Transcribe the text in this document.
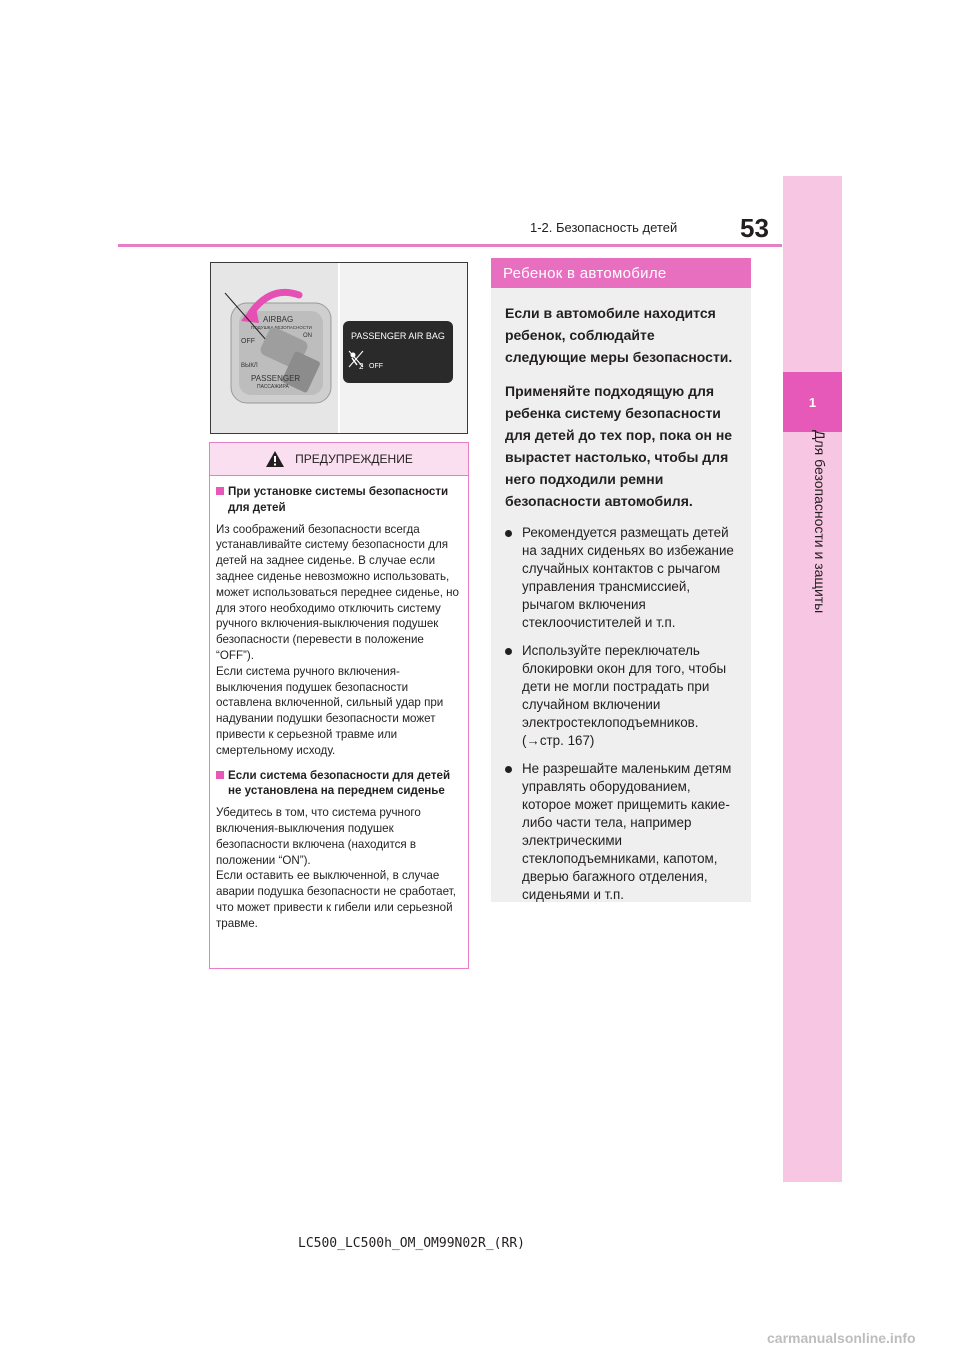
1
Для безопасности и защиты
53
1-2. Безопасность детей
AIRBAG
ПОДУШКА БЕЗОПАСНОСТИ
OFF
ON
ВЫКЛ
PASSENGER
ПАССАЖИРА
PASSENGER AIR BAG
2 OFF
ПРЕДУПРЕЖДЕНИЕ
При установке системы безопасности для детей

Из соображений безопасности всегда устанавливайте систему безопасности для детей на заднее сиденье. В случае если заднее сиденье невозможно использовать, может использоваться переднее сиденье, но для этого необходимо отключить систему ручного включения-выключения подушек безопасности (перевести в положение “OFF”).
Если система ручного включения-выключения подушек безопасности оставлена включенной, сильный удар при надувании подушки безопасности может привести к серьезной травме или смертельному исходу.

Если система безопасности для детей не установлена на переднем сиденье

Убедитесь в том, что система ручного включения-выключения подушек безопасности включена (находится в положении “ON”).
Если оставить ее выключенной, в случае аварии подушка безопасности не сработает, что может привести к гибели или серьезной травме.

Ребенок в автомобиле

Если в автомобиле находится ребенок, соблюдайте следующие меры безопасности.

Применяйте подходящую для ребенка систему безопасности для детей до тех пор, пока он не вырастет настолько, чтобы для него подходили ремни безопасности автомобиля.

Рекомендуется размещать детей на задних сиденьях во избежание случайных контактов с рычагом управления трансмиссией, рычагом включения стеклоочистителей и т.п.
Используйте переключатель блокировки окон для того, чтобы дети не могли пострадать при случайном включении электростеклоподъемников. (→стр. 167)
Не разрешайте маленьким детям управлять оборудованием, которое может прищемить какие-либо части тела, например электрическими стеклоподъемниками, капотом, дверью багажного отделения, сиденьями и т.п.
LC500_LC500h_OM_OM99N02R_(RR)
carmanualsonline.info
